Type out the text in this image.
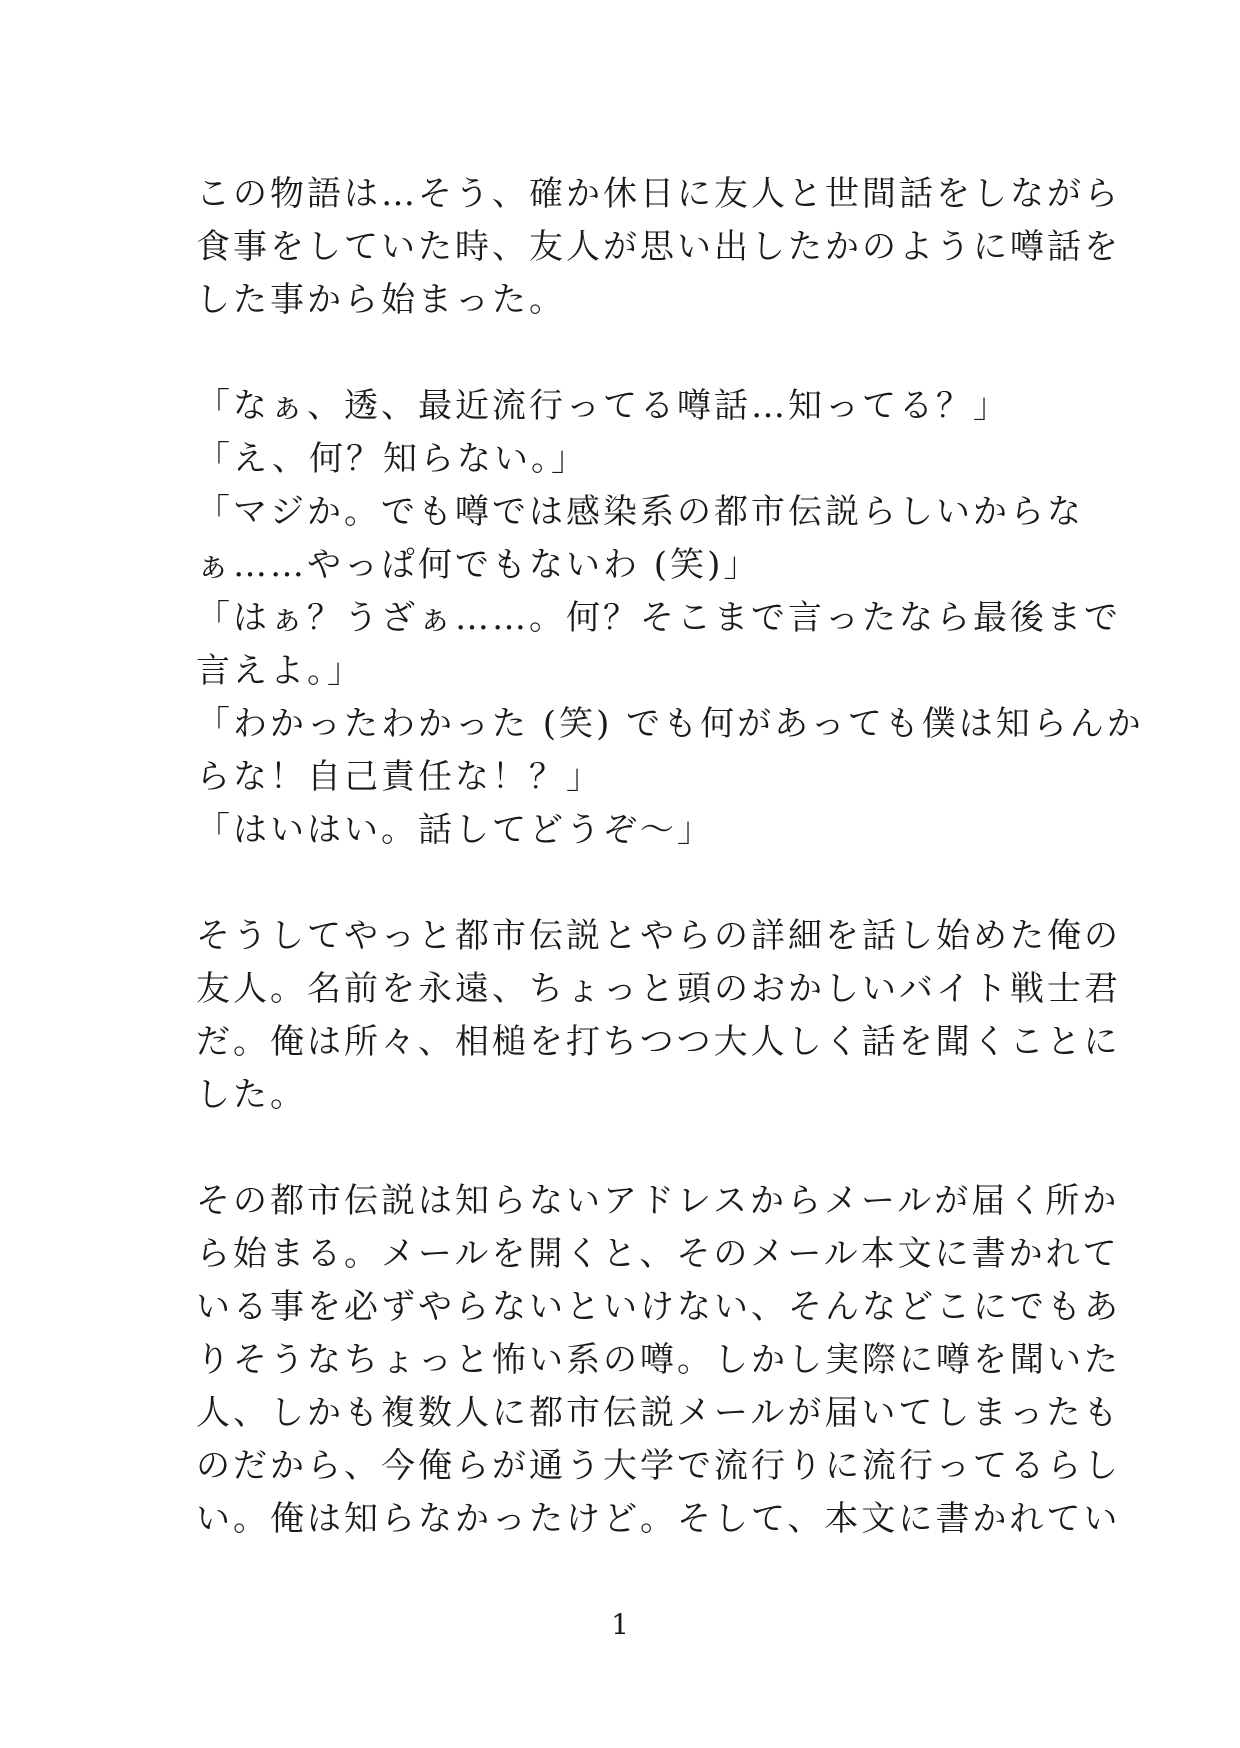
この物語は…そう、確か休日に友人と世間話をしながら
食事をしていた時、友人が思い出したかのように噂話を
した事から始まった。
「なぁ、透、最近流行ってる噂話…知ってる？」
「え、何？知らない。」
「マジか。でも噂では感染系の都市伝説らしいからな
ぁ……やっぱ何でもないわ (笑)」
「はぁ？うざぁ……。何？そこまで言ったなら最後まで
言えよ。」
「わかったわかった (笑) でも何があっても僕は知らんか
らな！自己責任な！？」
「はいはい。話してどうぞ～」
そうしてやっと都市伝説とやらの詳細を話し始めた俺の
友人。名前を永遠、ちょっと頭のおかしいバイト戦士君
だ。俺は所々、相槌を打ちつつ大人しく話を聞くことに
した。
その都市伝説は知らないアドレスからメールが届く所か
ら始まる。メールを開くと、そのメール本文に書かれて
いる事を必ずやらないといけない、そんなどこにでもあ
りそうなちょっと怖い系の噂。しかし実際に噂を聞いた
人、しかも複数人に都市伝説メールが届いてしまったも
のだから、今俺らが通う大学で流行りに流行ってるらし
い。俺は知らなかったけど。そして、本文に書かれてい
1
